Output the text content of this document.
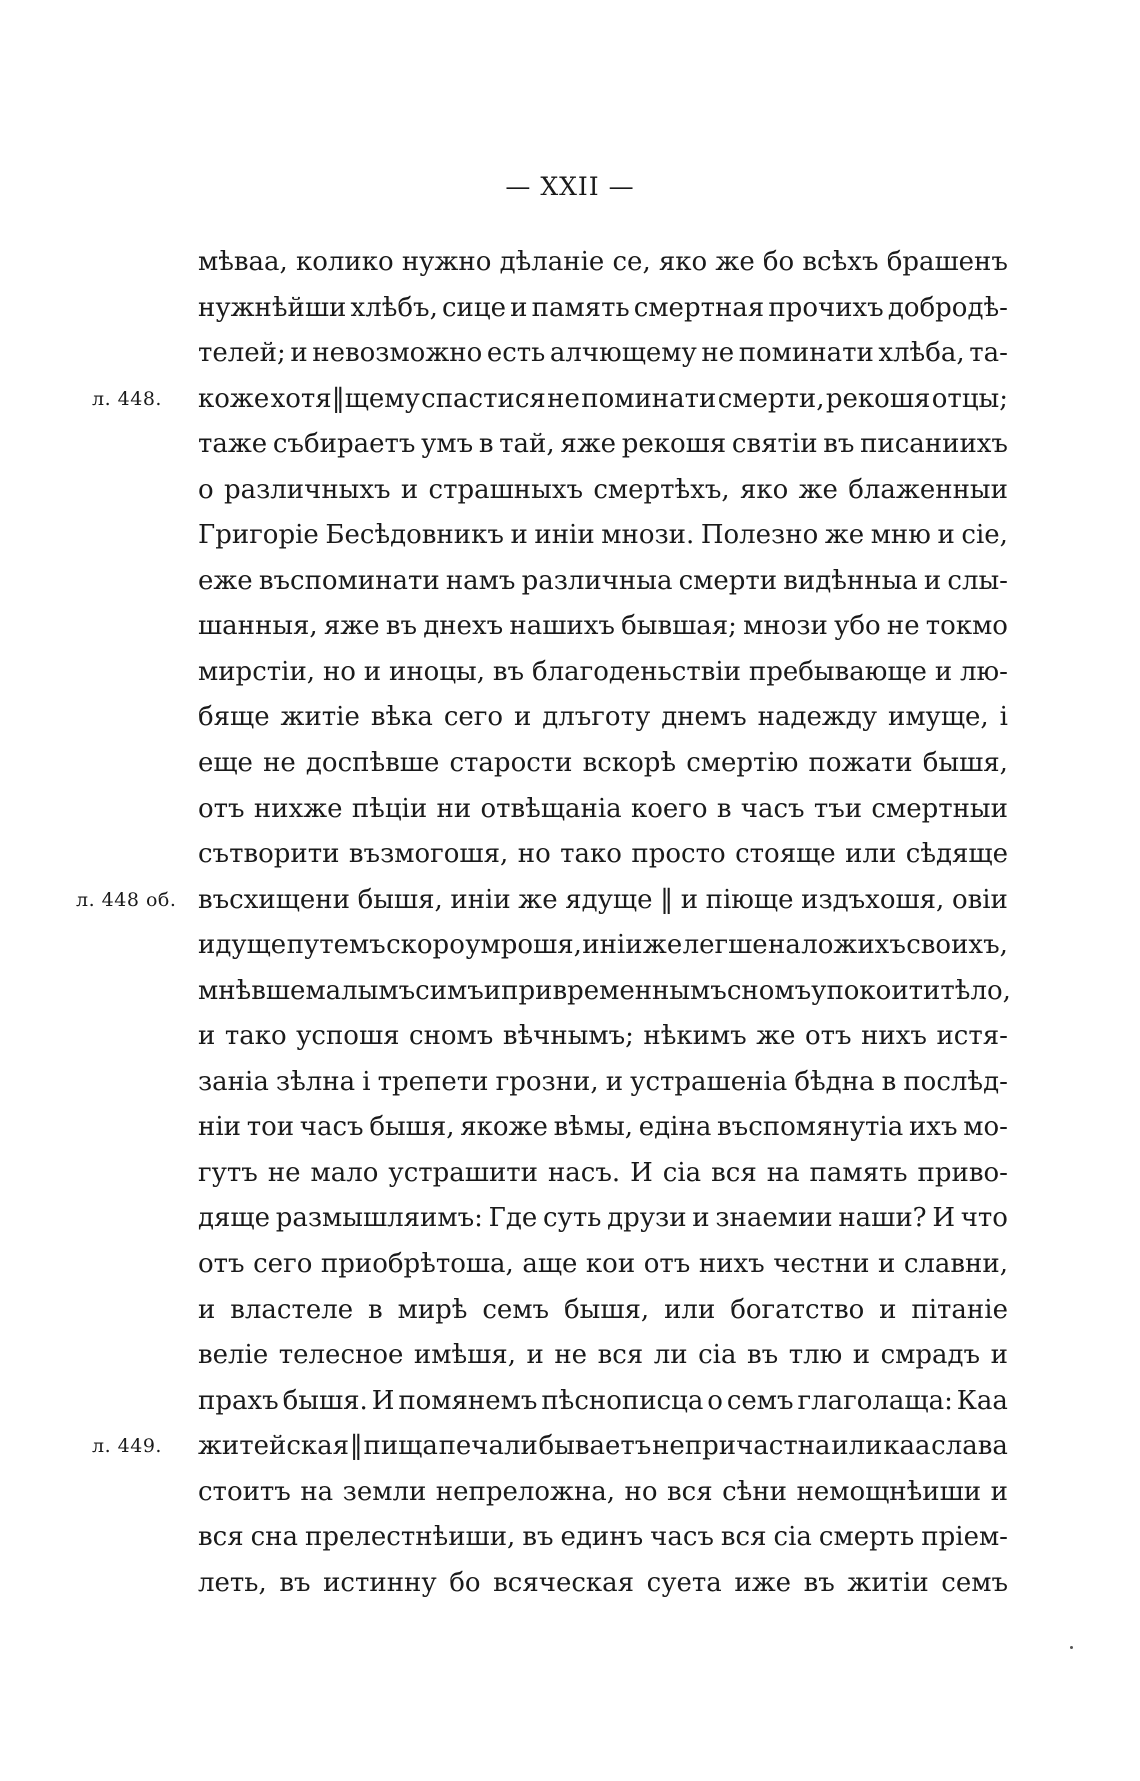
— XXII —
мѣваа, колико нужно дѣланіе се, яко же бо всѣхъ брашенъ
нужнѣйши хлѣбъ, сице и память смертная прочихъ добродѣ-
телей; и невозможно есть алчющему не поминати хлѣба, та-
коже хотя‖щему спастися не поминати смерти, рекошя отцы;
л. 448.
таже събираетъ умъ в тай, яже рекошя святіи въ писаниихъ
о различныхъ и страшныхъ смертѣхъ, яко же блаженныи
Григоріе Бесѣдовникъ и иніи мнози. Полезно же мню и сіе,
еже въспоминати намъ различныа смерти видѣнныа и слы-
шанныя, яже въ днехъ нашихъ бывшая; мнози убо не токмо
мирстіи, но и иноцы, въ благоденьствіи пребывающе и лю-
бяще житіе вѣка сего и длъготу днемъ надежду имуще, і
еще не доспѣвше старости вскорѣ смертію пожати бышя,
отъ нихже пѣціи ни отвѣщаніа коего в часъ тъи смертныи
сътворити възмогошя, но тако просто стояще или сѣдяще
въсхищени бышя, иніи же ядуще ‖ и піюще издъхошя, овіи
л. 448 об.
идуще путемъ скоро умрошя, иніи же легше на ложихъ своихъ,
мнѣвше малымъ симъ и привременнымъ сномъ упокоити тѣло,
и тако успошя сномъ вѣчнымъ; нѣкимъ же отъ нихъ истя-
заніа зѣлна і трепети грозни, и устрашеніа бѣдна в послѣд-
ніи тои часъ бышя, якоже вѣмы, едіна въспомянутіа ихъ мо-
гутъ не мало устрашити насъ. И сіа вся на память приво-
дяще размышляимъ: Где суть друзи и знаемии наши? И что
отъ сего приобрѣтоша, аще кои отъ нихъ честни и славни,
и властеле в мирѣ семъ бышя, или богатство и пітаніе
веліе телесное имѣшя, и не вся ли сіа въ тлю и смрадъ и
прахъ бышя. И помянемъ пѣснописца о семъ глаголаща: Каа
житейская ‖ пища печали бываетъ непричастна или каа слава
л. 449.
стоитъ на земли непреложна, но вся сѣни немощнѣиши и
вся сна прелестнѣиши, въ единъ часъ вся сіа смерть пріем-
леть, въ истинну бо всяческая суета иже въ житіи семъ
